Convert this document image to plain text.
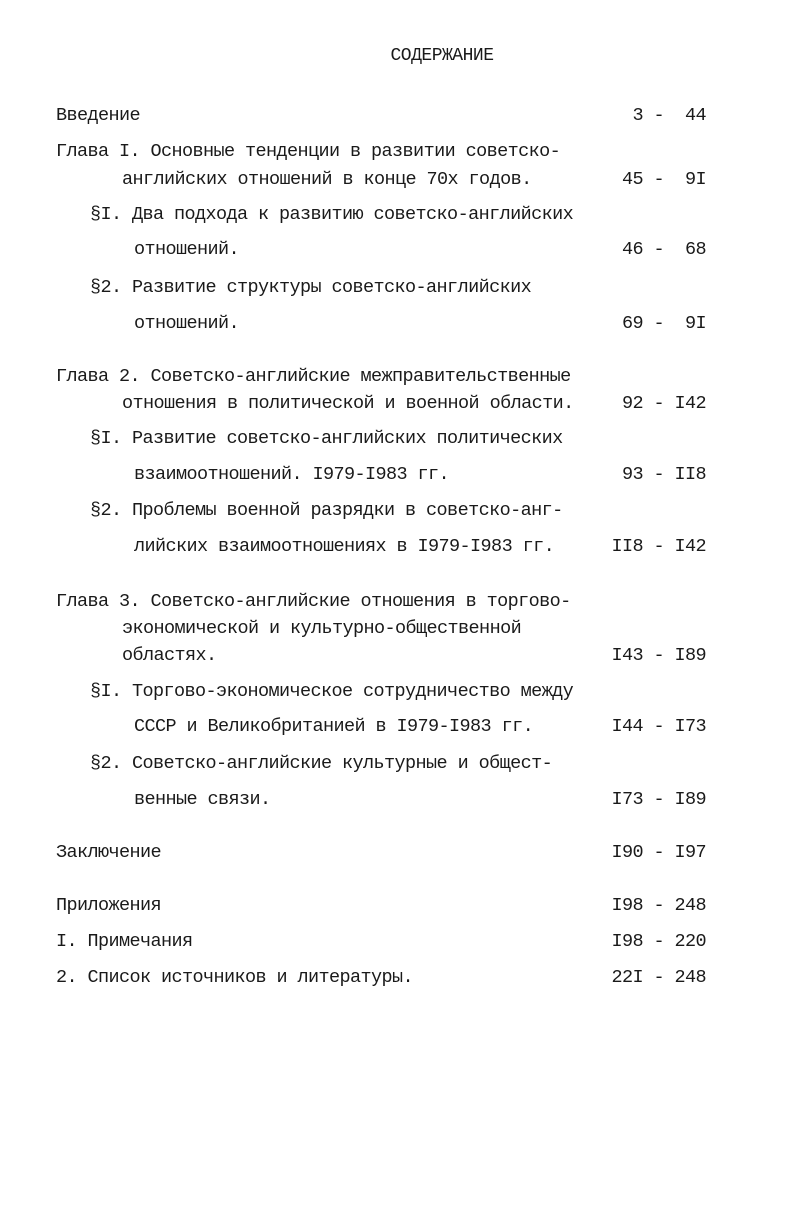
СОДЕРЖАНИЕ
Введение	3 -  44
Глава I. Основные тенденции в развитии советско-
английских отношений в конце 70х годов.	45 -  9I
§I. Два подхода к развитию советско-английских
отношений.	46 -  68
§2. Развитие структуры советско-английских
отношений.	69 -  9I
Глава 2. Советско-английские межправительственные
отношения в политической и военной области.	92 - I42
§I. Развитие советско-английских политических
взаимоотношений. I979-I983 гг.	93 - II8
§2. Проблемы военной разрядки в советско-анг-
лийских взаимоотношениях в I979-I983 гг.	II8 - I42
Глава 3. Советско-английские отношения в торгово-
экономической и культурно-общественной
областях.	I43 - I89
§I. Торгово-экономическое сотрудничество между
СССР и Великобританией в I979-I983 гг.	I44 - I73
§2. Советско-английские культурные и общест-
венные связи.	I73 - I89
Заключение	I90 - I97
Приложения	I98 - 248
I. Примечания	I98 - 220
2. Список источников и литературы.	22I - 248
